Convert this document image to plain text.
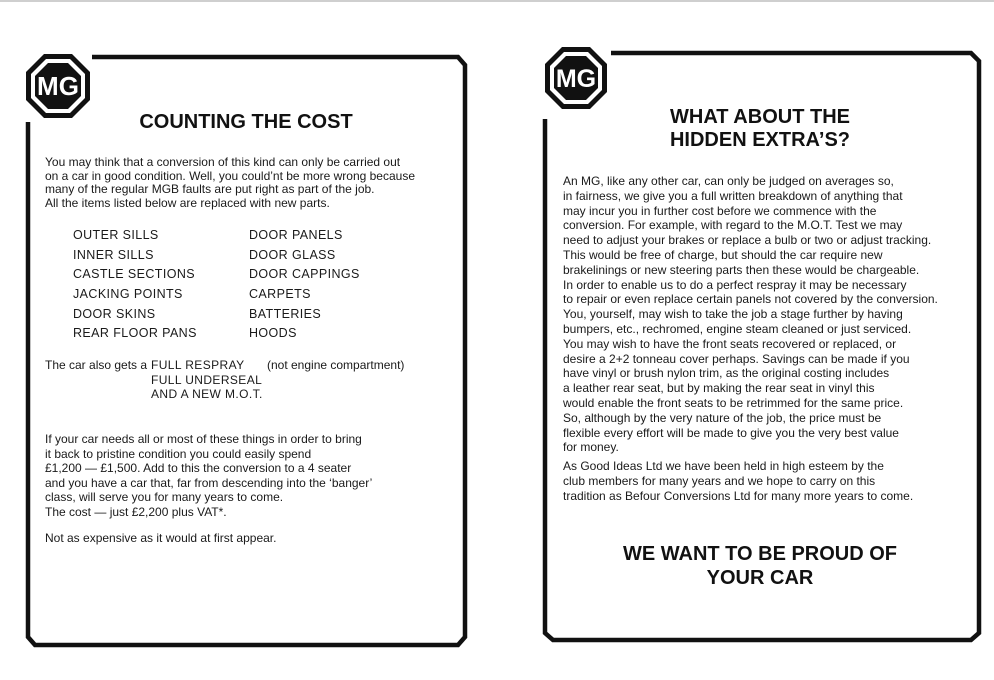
MG
COUNTING THE COST

You may think that a conversion of this kind can only be carried out

on a car in good condition. Well, you could’nt be more wrong because

many of the regular MGB faults are put right as part of the job.

All the items listed below are replaced with new parts.

OUTER SILLS
INNER SILLS
CASTLE SECTIONS
JACKING POINTS
DOOR SKINS
REAR FLOOR PANS
DOOR PANELS
DOOR GLASS
DOOR CAPPINGS
CARPETS
BATTERIES
HOODS

The car also gets a FULL RESPRAY (not engine compartment)

FULL UNDERSEAL

AND A NEW M.O.T.

If your car needs all or most of these things in order to bring

it back to pristine condition you could easily spend

£1,200 — £1,500. Add to this the conversion to a 4 seater

and you have a car that, far from descending into the ‘banger’

class, will serve you for many years to come.

The cost — just £2,200 plus VAT*.

Not as expensive as it would at first appear.

MG
WHAT ABOUT THE
HIDDEN EXTRA’S?

An MG, like any other car, can only be judged on averages so,

in fairness, we give you a full written breakdown of anything that

may incur you in further cost before we commence with the

conversion. For example, with regard to the M.O.T. Test we may

need to adjust your brakes or replace a bulb or two or adjust tracking.

This would be free of charge, but should the car require new

brakelinings or new steering parts then these would be chargeable.

In order to enable us to do a perfect respray it may be necessary

to repair or even replace certain panels not covered by the conversion.

You, yourself, may wish to take the job a stage further by having

bumpers, etc., rechromed, engine steam cleaned or just serviced.

You may wish to have the front seats recovered or replaced, or

desire a 2+2 tonneau cover perhaps. Savings can be made if you

have vinyl or brush nylon trim, as the original costing includes

a leather rear seat, but by making the rear seat in vinyl this

would enable the front seats to be retrimmed for the same price.

So, although by the very nature of the job, the price must be

flexible every effort will be made to give you the very best value

for money.

As Good Ideas Ltd we have been held in high esteem by the

club members for many years and we hope to carry on this

tradition as Befour Conversions Ltd for many more years to come.

WE WANT TO BE PROUD OF
YOUR CAR
